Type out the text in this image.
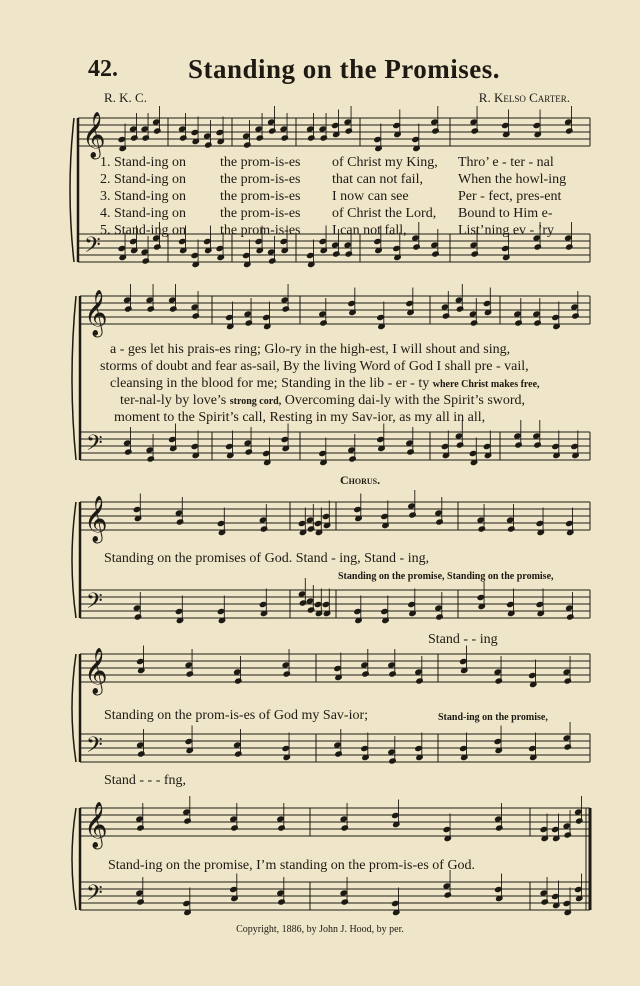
42.	Standing on the Promises.
R. K. C.	R. Kelso Carter.
𝄞
𝄢
𝄞
𝄢
𝄞
𝄢
𝄞
𝄢
𝄞
𝄢
1. Stand-ing on	the prom-is-es	of Christ my King,	Thro’ e - ter - nal
2. Stand-ing on	the prom-is-es	that can not fail,	When the howl-ing
3. Stand-ing on	the prom-is-es	I now can see	Per - fect, pres-ent
4. Stand-ing on	the prom-is-es	of Christ the Lord,	Bound to Him e-
5. Stand-ing on	the prom-is-es	I can not fall,	List’ning ev - ’ry
a - ges let his prais-es ring; Glo-ry in the high-est, I will shout and sing,
storms of doubt and fear as-sail, By the living Word of God I shall pre - vail,
cleansing in the blood for me; Standing in the lib - er - ty where Christ makes free,
ter-nal-ly by love’s strong cord, Overcoming dai-ly with the Spirit’s sword,
moment to the Spirit’s call, Resting in my Sav-ior, as my all in all,
Chorus.
Standing on the promises of God. Stand - ing, Stand - ing,
Standing on the promise, Standing on the promise,
Stand - - ing
Standing on the prom-is-es of God my Sav-ior;	Stand-ing on the promise,
Stand - - - fng,
Stand-ing on the promise, I’m standing on the prom-is-es of God.
Copyright, 1886, by John J. Hood, by per.
